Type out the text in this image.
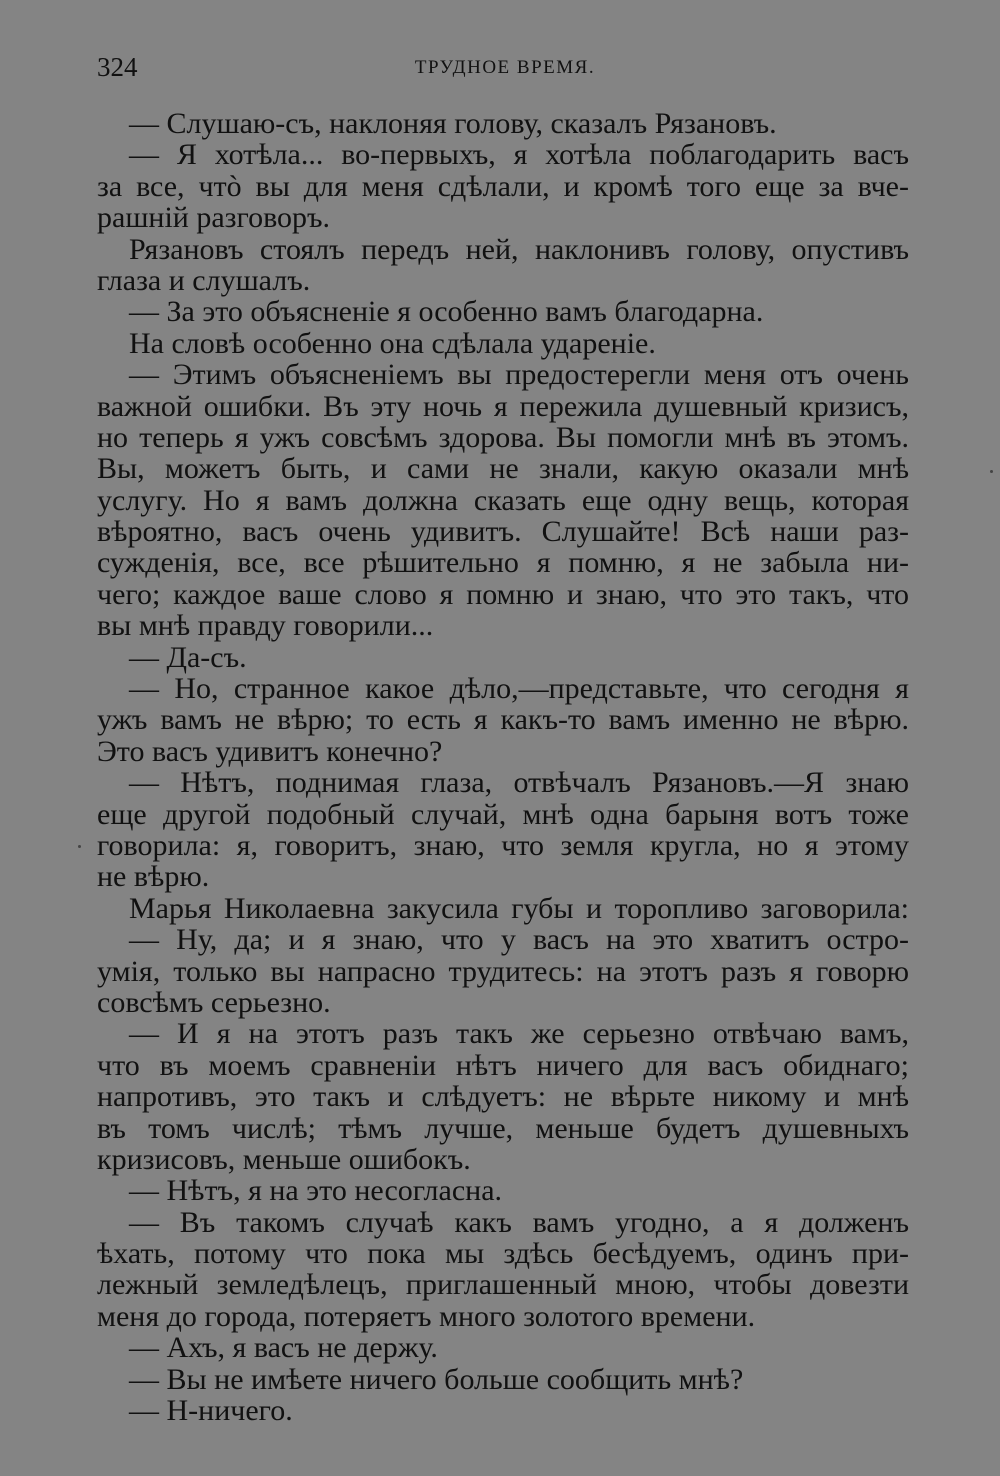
324	ТРУДНОЕ ВРЕМЯ.
— Слушаю-съ, наклоняя голову, сказалъ Рязановъ.
— Я хотѣла... во-первыхъ, я хотѣла поблагодарить васъ
за все, чтò вы для меня сдѣлали, и кромѣ того еще за вче-
рашній разговоръ.
Рязановъ стоялъ передъ ней, наклонивъ голову, опустивъ
глаза и слушалъ.
— За это объясненіе я особенно вамъ благодарна.
На словѣ особенно она сдѣлала удареніе.
— Этимъ объясненіемъ вы предостерегли меня отъ очень
важной ошибки. Въ эту ночь я пережила душевный кризисъ,
но теперь я ужъ совсѣмъ здорова. Вы помогли мнѣ въ этомъ.
Вы, можетъ быть, и сами не знали, какую оказали мнѣ
услугу. Но я вамъ должна сказать еще одну вещь, которая
вѣроятно, васъ очень удивитъ. Слушайте! Всѣ наши раз-
сужденія, все, все рѣшительно я помню, я не забыла ни-
чего; каждое ваше слово я помню и знаю, что это такъ, что
вы мнѣ правду говорили...
— Да-съ.
— Но, странное какое дѣло,—представьте, что сегодня я
ужъ вамъ не вѣрю; то есть я какъ-то вамъ именно не вѣрю.
Это васъ удивитъ конечно?
— Нѣтъ, поднимая глаза, отвѣчалъ Рязановъ.—Я знаю
еще другой подобный случай, мнѣ одна барыня вотъ тоже
говорила: я, говоритъ, знаю, что земля кругла, но я этому
не вѣрю.
Марья Николаевна закусила губы и торопливо заговорила:
— Ну, да; и я знаю, что у васъ на это хватитъ остро-
умія, только вы напрасно трудитесь: на этотъ разъ я говорю
совсѣмъ серьезно.
— И я на этотъ разъ такъ же серьезно отвѣчаю вамъ,
что въ моемъ сравненіи нѣтъ ничего для васъ обиднаго;
напротивъ, это такъ и слѣдуетъ: не вѣрьте никому и мнѣ
въ томъ числѣ; тѣмъ лучше, меньше будетъ душевныхъ
кризисовъ, меньше ошибокъ.
— Нѣтъ, я на это несогласна.
— Въ такомъ случаѣ какъ вамъ угодно, а я долженъ
ѣхать, потому что пока мы здѣсь бесѣдуемъ, одинъ при-
лежный земледѣлецъ, приглашенный мною, чтобы довезти
меня до города, потеряетъ много золотого времени.
— Ахъ, я васъ не держу.
— Вы не имѣете ничего больше сообщить мнѣ?
— Н-ничего.
